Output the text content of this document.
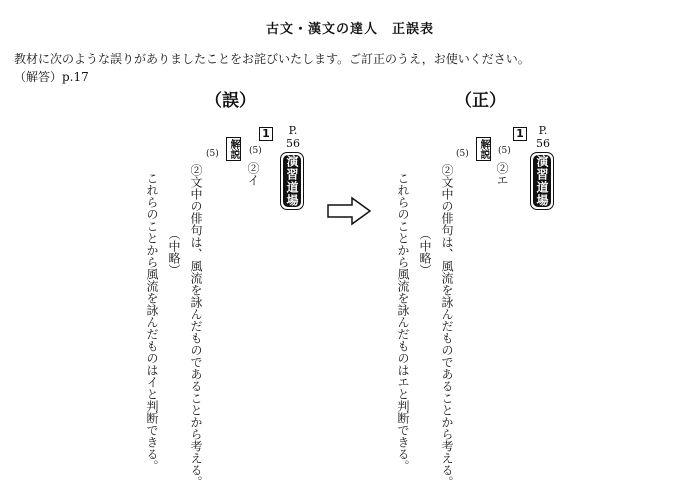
古文・漢文の達人　正誤表
教材に次のような誤りがありましたことをお詫びいたします。ご訂正のうえ，お使いください。
（解答）p.17
（誤）
P.
56
1
演習道場
(5)
②イ
解説
(5)
②文中の俳句は、風流を詠んだものであることから考える。
（中略）
これらのことから風流を詠んだものはイと判断できる。
（正）
P.
56
1
演習道場
(5)
②エ
解説
(5)
②文中の俳句は、風流を詠んだものであることから考える。
（中略）
これらのことから風流を詠んだものはエと判断できる。
